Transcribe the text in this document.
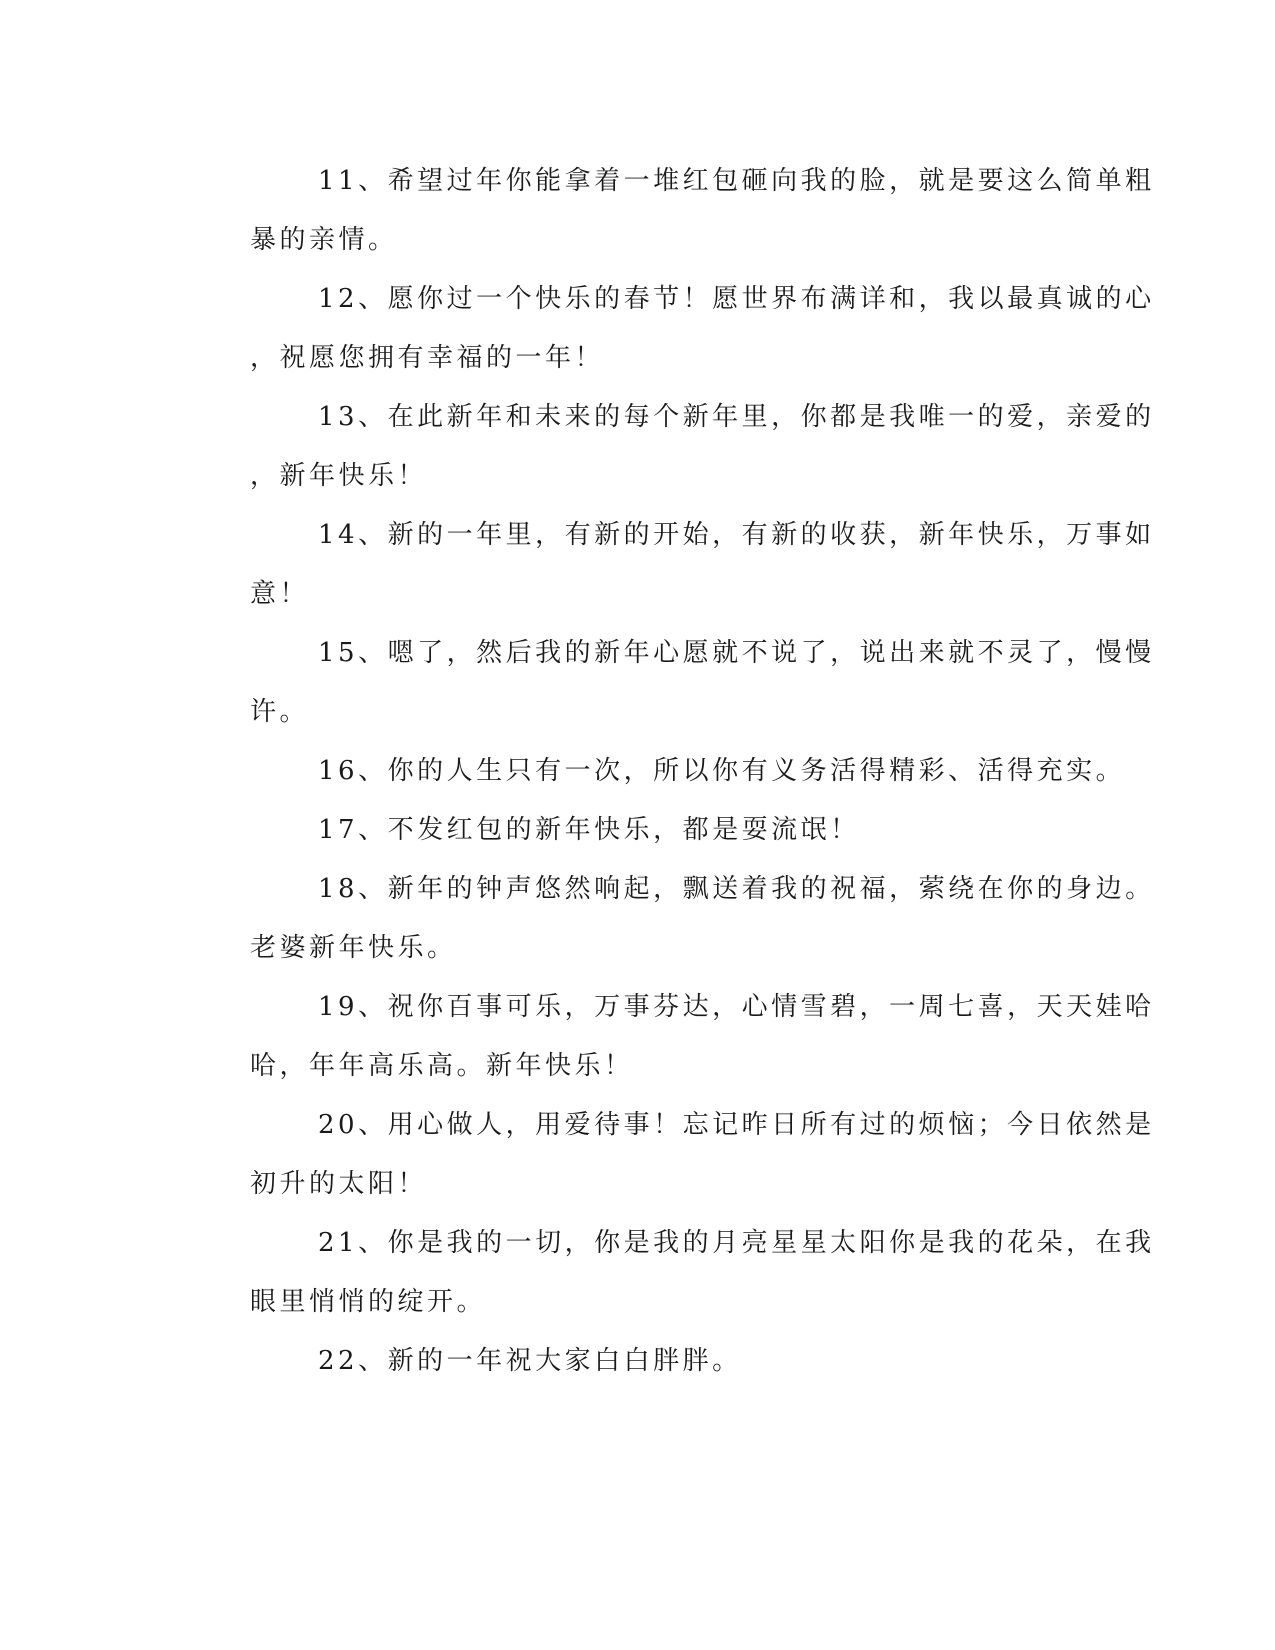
11、希望过年你能拿着一堆红包砸向我的脸，就是要这么简单粗
暴的亲情。
12、愿你过一个快乐的春节！愿世界布满详和，我以最真诚的心
，祝愿您拥有幸福的一年！
13、在此新年和未来的每个新年里，你都是我唯一的爱，亲爱的
，新年快乐！
14、新的一年里，有新的开始，有新的收获，新年快乐，万事如
意！
15、嗯了，然后我的新年心愿就不说了，说出来就不灵了，慢慢
许。
16、你的人生只有一次，所以你有义务活得精彩、活得充实。
17、不发红包的新年快乐，都是耍流氓！
18、新年的钟声悠然响起，飘送着我的祝福，萦绕在你的身边。
老婆新年快乐。
19、祝你百事可乐，万事芬达，心情雪碧，一周七喜，天天娃哈
哈，年年高乐高。新年快乐！
20、用心做人，用爱待事！忘记昨日所有过的烦恼；今日依然是
初升的太阳！
21、你是我的一切，你是我的月亮星星太阳你是我的花朵，在我
眼里悄悄的绽开。
22、新的一年祝大家白白胖胖。
